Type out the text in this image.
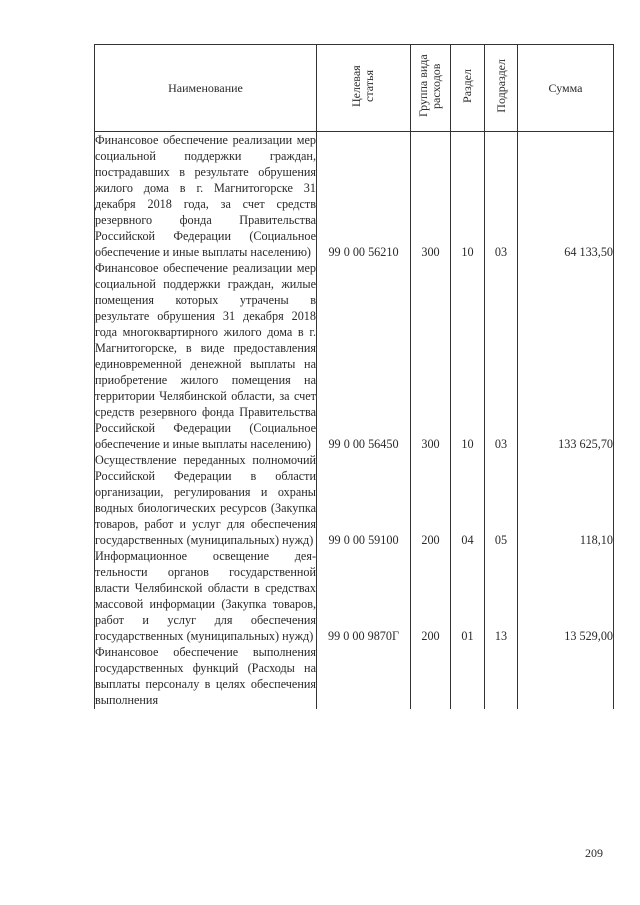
Наименование	Целевая статья	Группа вида расходов	Раздел	Подраздел	Сумма
Финансовое обеспечение реализации мер социальной поддержки граждан, пострадавших в результате обрушения жилого дома в г. Магнитогорске 31 декабря 2018 года, за счет средств резервного фонда Правительства Российской Федерации (Социальное обеспечение и иные выплаты населению)	99 0 00 56210	300	10	03	64 133,50
Финансовое обеспечение реализации мер социальной поддержки граждан, жилые помещения которых утрачены в результате обрушения 31 декабря 2018 года многоквартирного жилого дома в г. Магнитогорске, в виде предоставления единовременной денежной выплаты на приобретение жилого помещения на территории Челябинской области, за счет средств резервного фонда Правительства Российской Федерации (Социальное обеспечение и иные выплаты населению)	99 0 00 56450	300	10	03	133 625,70
Осуществление переданных полномочий Российской Федерации в области организации, регулирования и охраны водных биологических ресурсов (Закупка товаров, работ и услуг для обеспечения государственных (муниципальных) нужд)	99 0 00 59100	200	04	05	118,10
Информационное освещение деятельности органов государственной власти Челябинской области в средствах массовой информации (Закупка товаров, работ и услуг для обеспечения государственных (муниципальных) нужд)	99 0 00 9870Г	200	01	13	13 529,00
Финансовое обеспечение выполнения государственных функций (Расходы на выплаты персоналу в целях обеспечения выполнения					
209
